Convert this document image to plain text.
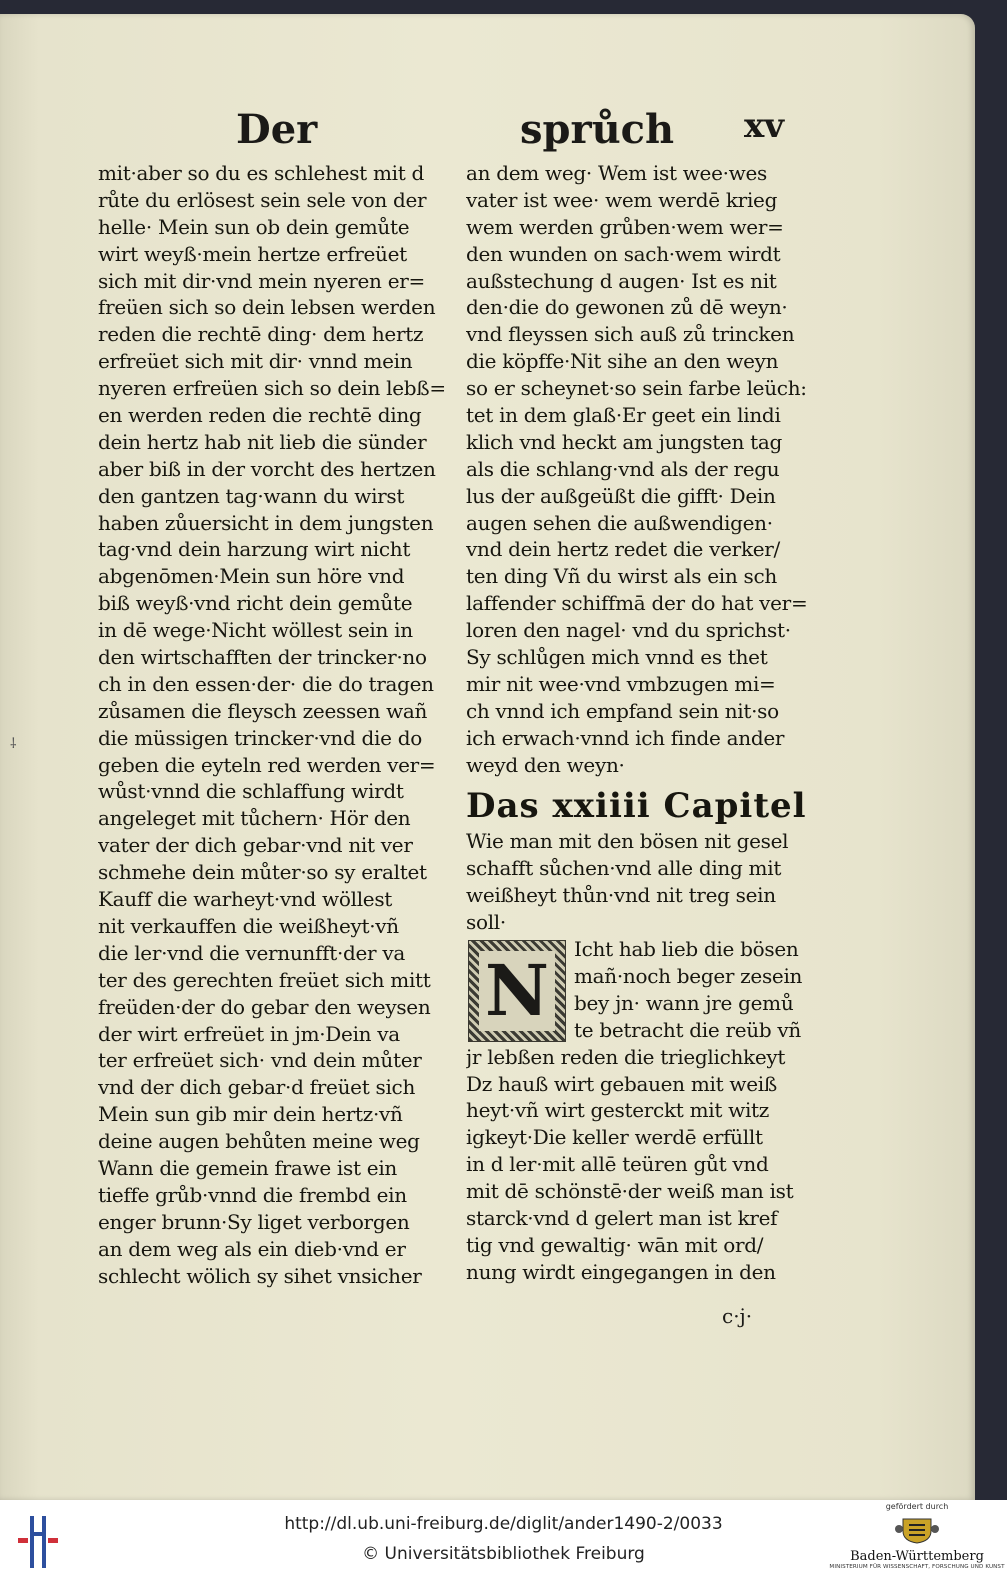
⸸
Der	sprůch xv
mit·aber so du es schlehest mit d
růte du erlösest sein sele von der
helle· Mein sun ob dein gemůte
wirt weyß·mein hertze erfreüet
sich mit dir·vnd mein nyeren er=
freüen sich so dein lebsen werden
reden die rechtē ding· dem hertz
erfreüet sich mit dir· vnnd mein
nyeren erfreüen sich so dein lebß=
en werden reden die rechtē ding
dein hertz hab nit lieb die sünder
aber biß in der vorcht des hertzen
den gantzen tag·wann du wirst
haben zůuersicht in dem jungsten
tag·vnd dein harzung wirt nicht
abgenōmen·Mein sun höre vnd
biß weyß·vnd richt dein gemůte
in dē wege·Nicht wöllest sein in
den wirtschafften der trincker·no
ch in den essen·der· die do tragen
zůsamen die fleysch zeessen wañ
die müssigen trincker·vnd die do
geben die eyteln red werden ver=
wůst·vnnd die schlaffung wirdt
angeleget mit tůchern· Hör den
vater der dich gebar·vnd nit ver
schmehe dein můter·so sy eraltet
Kauff die warheyt·vnd wöllest
nit verkauffen die weißheyt·vñ
die ler·vnd die vernunfft·der va
ter des gerechten freüet sich mitt
freüden·der do gebar den weysen
der wirt erfreüet in jm·Dein va
ter erfreüet sich· vnd dein můter
vnd der dich gebar·d freüet sich
Mein sun gib mir dein hertz·vñ
deine augen behůten meine weg
Wann die gemein frawe ist ein
tieffe grůb·vnnd die frembd ein
enger brunn·Sy liget verborgen
an dem weg als ein dieb·vnd er
schlecht wölich sy sihet vnsicher
an dem weg· Wem ist wee·wes
vater ist wee· wem werdē krieg
wem werden grůben·wem wer=
den wunden on sach·wem wirdt
außstechung d augen· Ist es nit
den·die do gewonen zů dē weyn·
vnd fleyssen sich auß zů trincken
die köpffe·Nit sihe an den weyn
so er scheynet·so sein farbe leüch:
tet in dem glaß·Er geet ein lindi
klich vnd heckt am jungsten tag
als die schlang·vnd als der regu
lus der außgeüßt die gifft· Dein
augen sehen die außwendigen·
vnd dein hertz redet die verker/
ten ding Vñ du wirst als ein sch
laffender schiffmā der do hat ver=
loren den nagel· vnd du sprichst·
Sy schlůgen mich vnnd es thet
mir nit wee·vnd vmbzugen mi=
ch vnnd ich empfand sein nit·so
ich erwach·vnnd ich finde ander
weyd den weyn·
Das xxiiii Capitel
Wie man mit den bösen nit gesel
schafft sůchen·vnd alle ding mit
weißheyt thůn·vnd nit treg sein
soll·
N	Icht hab lieb die bösen
mañ·noch beger zesein
bey jn· wann jre gemů
te betracht die reüb vñ
jr lebßen reden die trieglichkeyt
Dz hauß wirt gebauen mit weiß
heyt·vñ wirt gesterckt mit witz
igkeyt·Die keller werdē erfüllt
in d ler·mit allē teüren gůt vnd
mit dē schönstē·der weiß man ist
starck·vnd d gelert man ist kref
tig vnd gewaltig· wān mit ord/
nung wirdt eingegangen in den
c·j·
http://dl.ub.uni-freiburg.de/diglit/ander1490-2/0033
© Universitätsbibliothek Freiburg
gefördert durch
Baden-Württemberg
MINISTERIUM FÜR WISSENSCHAFT, FORSCHUNG UND KUNST
